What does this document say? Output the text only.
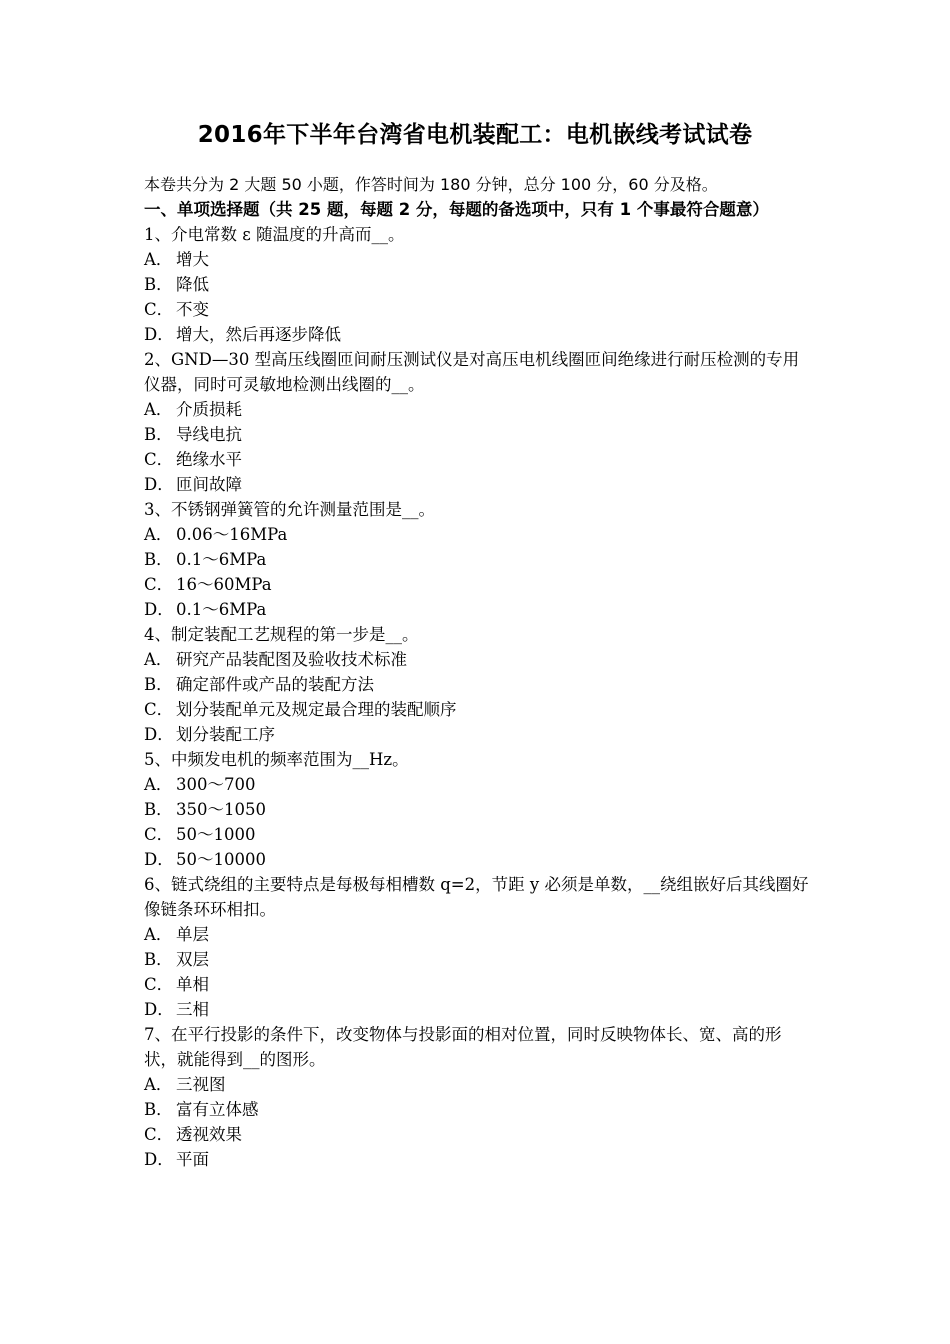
2016年下半年台湾省电机装配工：电机嵌线考试试卷
本卷共分为 2 大题 50 小题，作答时间为 180 分钟，总分 100 分，60 分及格。
一、单项选择题（共 25 题，每题 2 分，每题的备选项中，只有 1 个事最符合题意）

1、介电常数 ε 随温度的升高而__。

A． 增大

B． 降低

C． 不变

D． 增大，然后再逐步降低

2、GND—30 型高压线圈匝间耐压测试仪是对高压电机线圈匝间绝缘进行耐压检测的专用仪器，同时可灵敏地检测出线圈的__。

A． 介质损耗

B． 导线电抗

C． 绝缘水平

D． 匝间故障

3、不锈钢弹簧管的允许测量范围是__。

A． 0.06～16MPa

B． 0.1～6MPa

C． 16～60MPa

D． 0.1～6MPa

4、制定装配工艺规程的第一步是__。

A． 研究产品装配图及验收技术标准

B． 确定部件或产品的装配方法

C． 划分装配单元及规定最合理的装配顺序

D． 划分装配工序

5、中频发电机的频率范围为__Hz。

A． 300～700

B． 350～1050

C． 50～1000

D． 50～10000

6、链式绕组的主要特点是每极每相槽数 q=2，节距 y 必须是单数，__绕组嵌好后其线圈好像链条环环相扣。

A． 单层

B． 双层

C． 单相

D． 三相

7、在平行投影的条件下，改变物体与投影面的相对位置，同时反映物体长、宽、高的形状，就能得到__的图形。

A． 三视图

B． 富有立体感

C． 透视效果

D． 平面
